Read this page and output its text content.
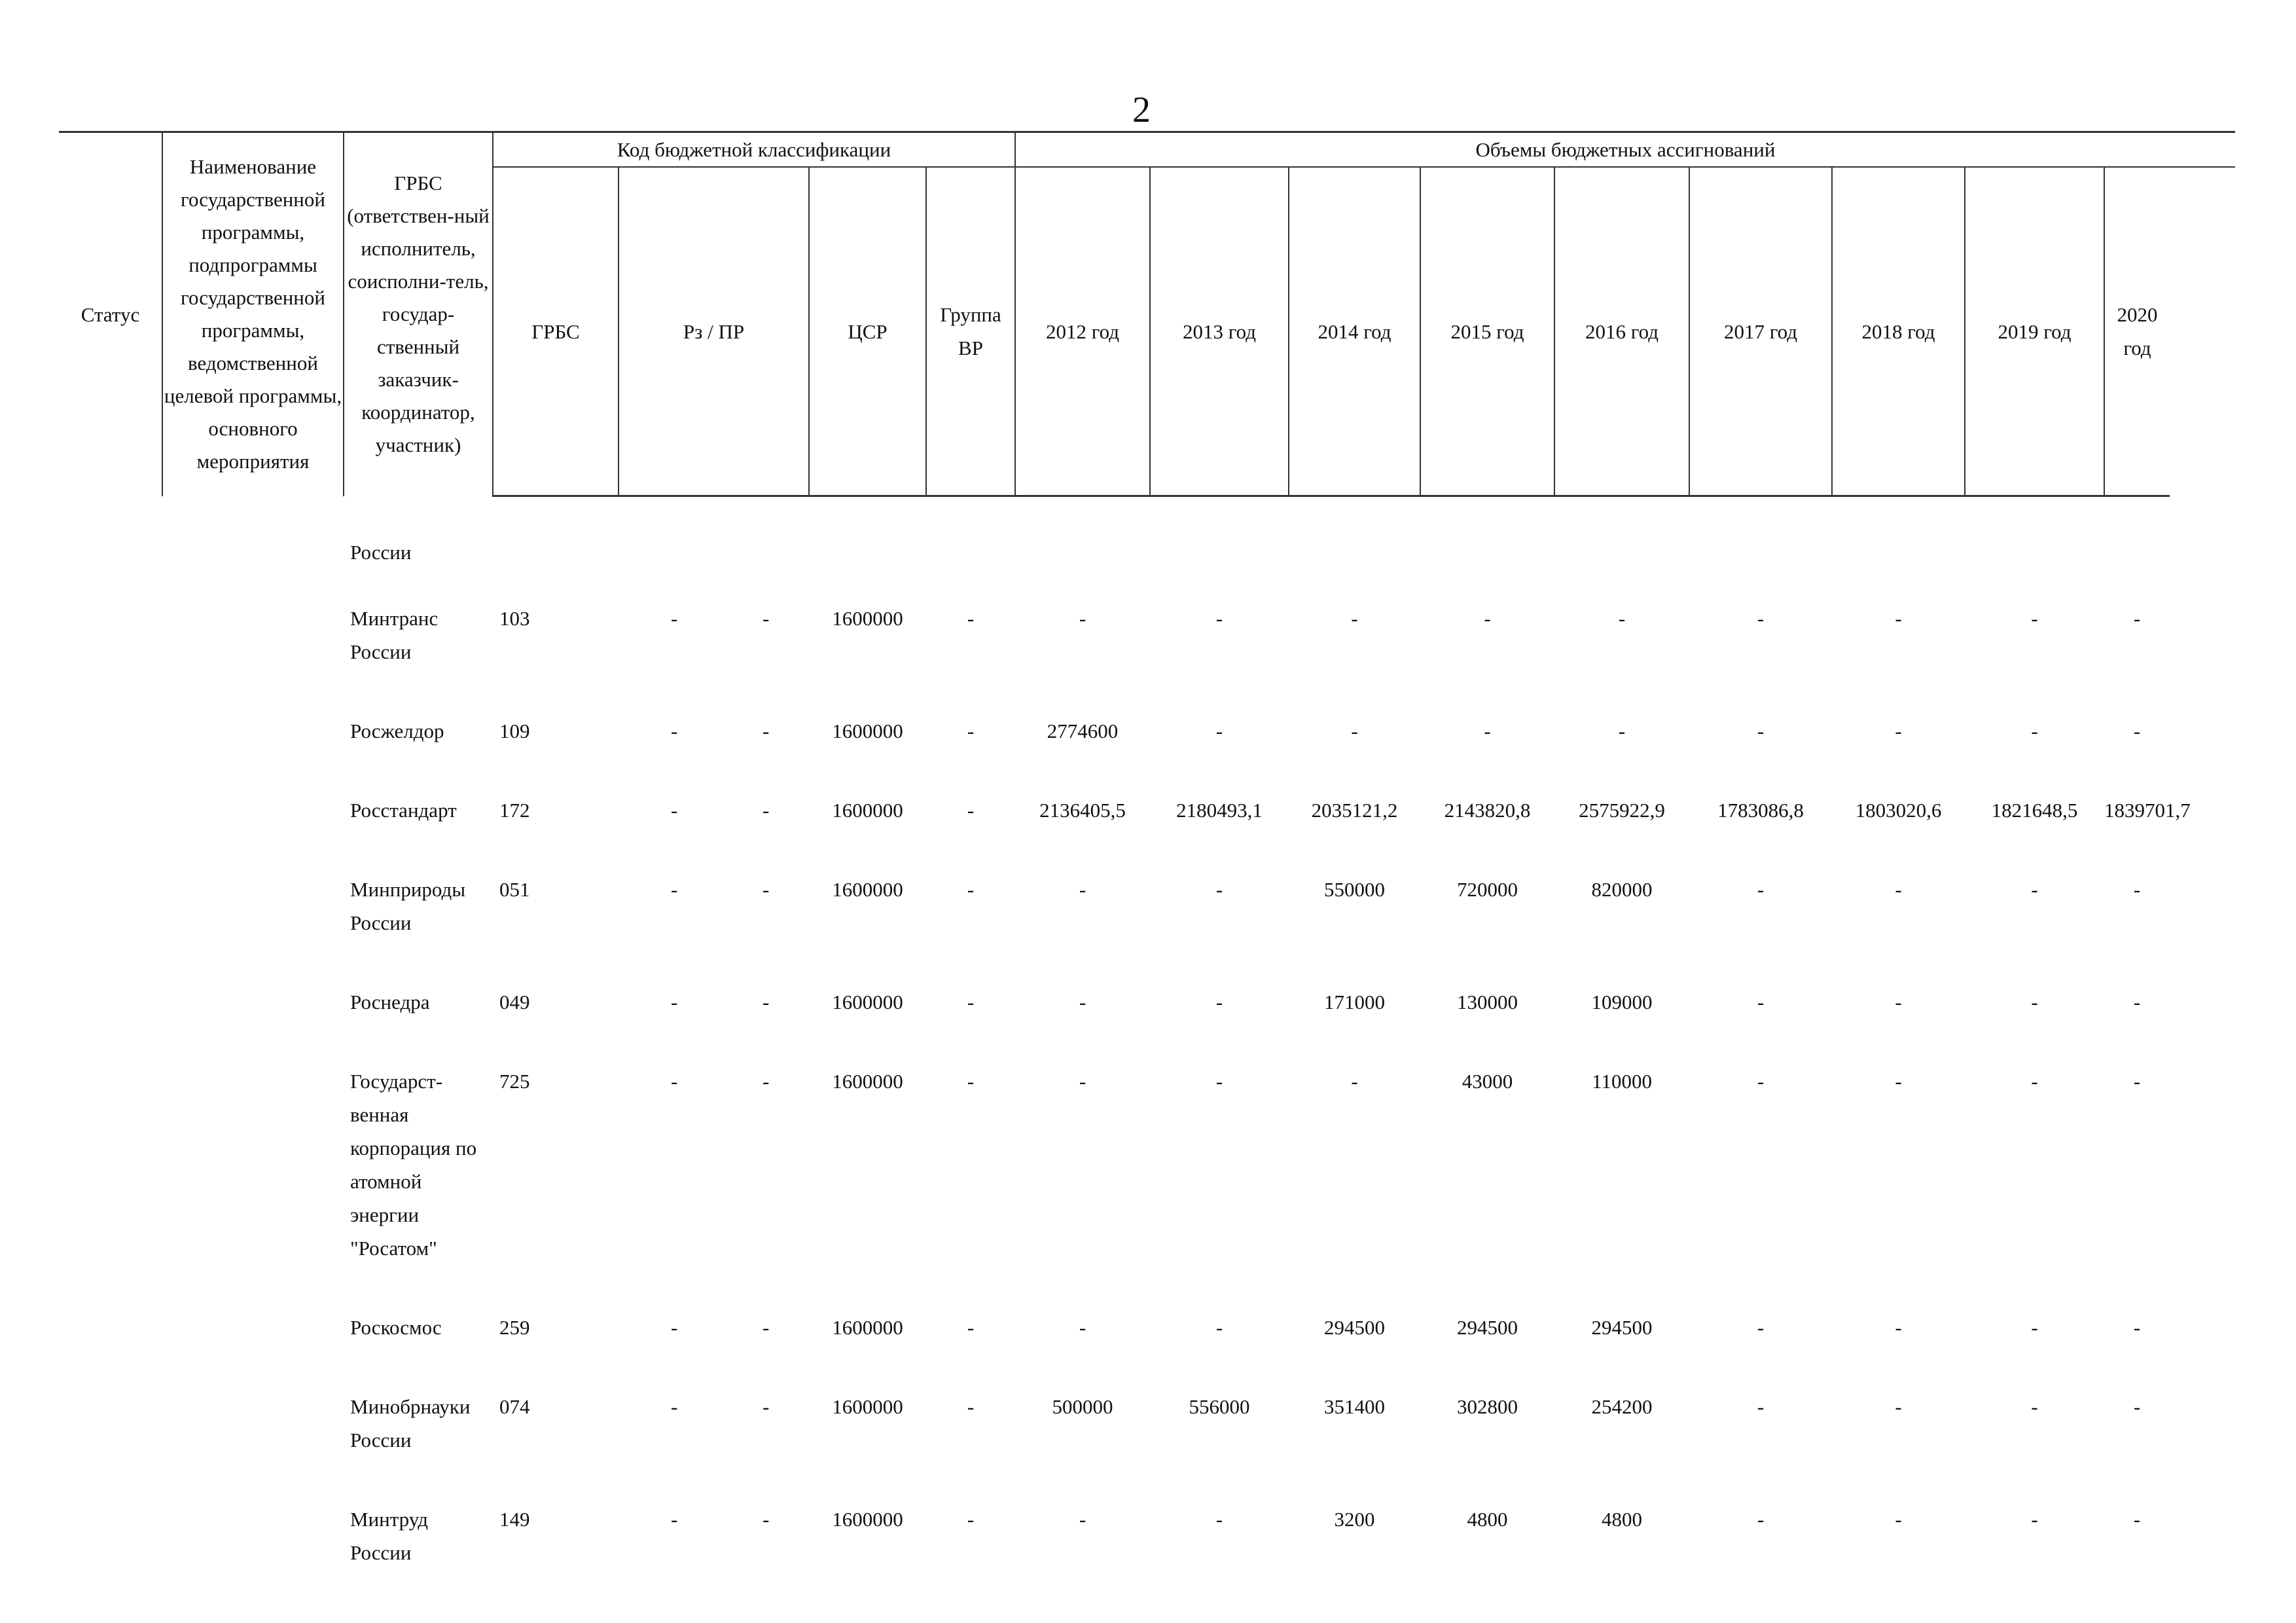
2
Статус	Наименование государственной программы, подпрограммы государственной программы, ведомственной целевой программы, основного мероприятия	ГРБС (ответствен-ный исполнитель, соисполни-тель, государ-ственный заказчик-координатор, участник)	Код бюджетной классификации				Объемы бюджетных ассигнований								
			ГРБС	Рз / ПР	ЦСР	Группа ВР	2012 год	2013 год	2014 год	2015 год	2016 год	2017 год	2018 год	2019 год	2020 год
		России		

		Минтранс России	103	- -	1600000	-	-	-	-	-	-	-	-	-	-
		Росжелдор	109	- -	1600000	-	2774600	-	-	-	-	-	-	-	-
		Росстандарт	172	- -	1600000	-	2136405,5	2180493,1	2035121,2	2143820,8	2575922,9	1783086,8	1803020,6	1821648,5	1839701,7
		Минприроды России	051	- -	1600000	-	-	-	550000	720000	820000	-	-	-	-
		Роснедра	049	- -	1600000	-	-	-	171000	130000	109000	-	-	-	-
		Государст-венная корпорация по атомной энергии "Росатом"	725	- -	1600000	-	-	-	-	43000	110000	-	-	-	-
		Роскосмос	259	- -	1600000	-	-	-	294500	294500	294500	-	-	-	-
		Минобрнауки России	074	- -	1600000	-	500000	556000	351400	302800	254200	-	-	-	-
		Минтруд России	149	- -	1600000	-	-	-	3200	4800	4800	-	-	-	-
